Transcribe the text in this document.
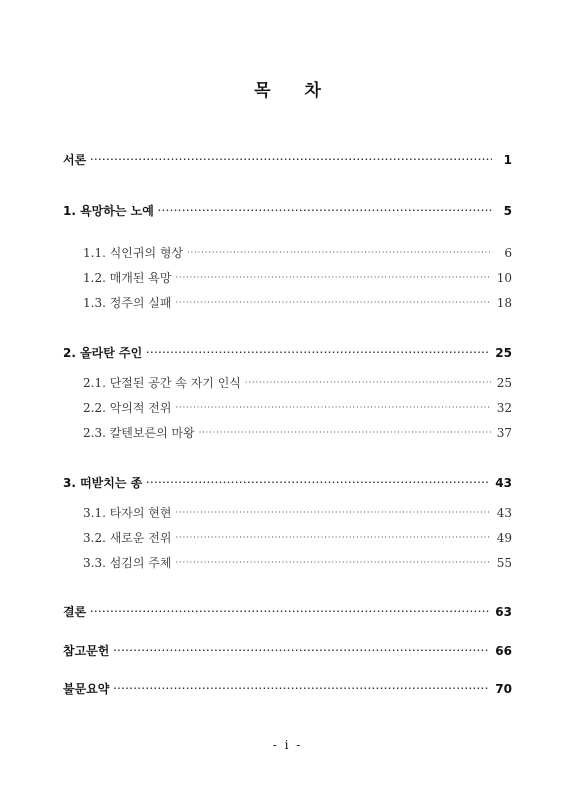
목 차
서론 ·····	1
1. 욕망하는 노예 ·····	5
1.1. 식인귀의 형상 ·····	6
1.2. 매개된 욕망 ·····	10
1.3. 정주의 실패 ·····	18
2. 올라탄 주인 ·····	25
2.1. 단절된 공간 속 자기 인식 ·····	25
2.2. 악의적 전위 ·····	32
2.3. 칼텐보른의 마왕 ·····	37
3. 떠받치는 종 ·····	43
3.1. 타자의 현현 ·····	43
3.2. 새로운 전위 ·····	49
3.3. 섬김의 주체 ·····	55
결론 ·····	63
참고문헌 ·····	66
불문요약 ·····	70
- i -
